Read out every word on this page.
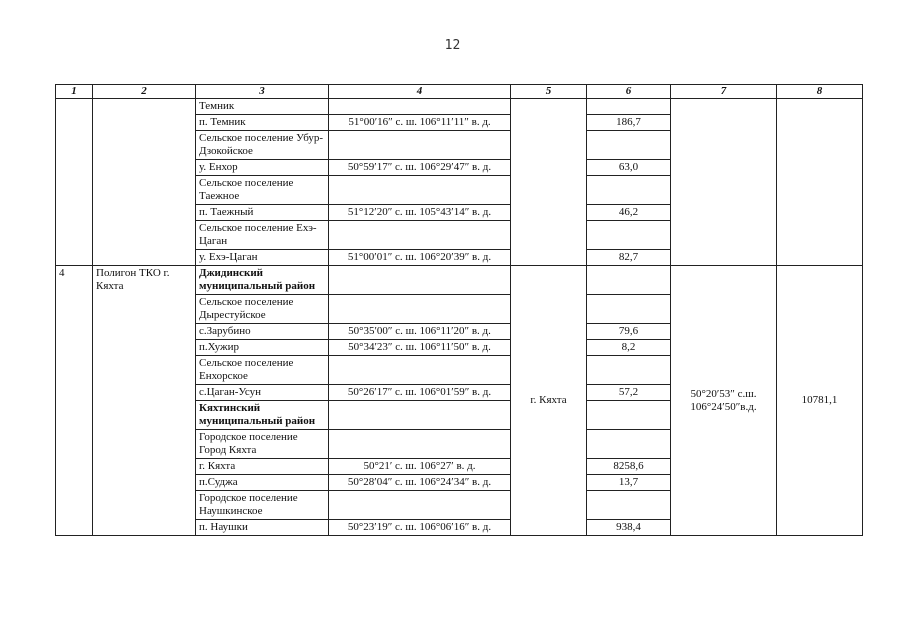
12
1	2	3	4	5	6	7	8
		Темник					
		п. Темник	51°00′16″ с. ш. 106°11′11″ в. д.		186,7		
		Сельское поселение Убур-Дзокойское					
		у. Енхор	50°59′17″ с. ш. 106°29′47″ в. д.		63,0		
		Сельское поселение Таежное					
		п. Таежный	51°12′20″ с. ш. 105°43′14″ в. д.		46,2		
		Сельское поселение Ехэ-Цаган					
		у. Ехэ-Цаган	51°00′01″ с. ш. 106°20′39″ в. д.		82,7		
4	Полигон ТКО г. Кяхта	Джидинский муниципальный район		г. Кяхта		50°20′53″ с.ш. 106°24′50″в.д.	10781,1
		Сельское поселение Дырестуйское					
		с.Зарубино	50°35′00″ с. ш. 106°11′20″ в. д.		79,6		
		п.Хужир	50°34′23″ с. ш. 106°11′50″ в. д.		8,2		
		Сельское поселение Енхорское					
		с.Цаган-Усун	50°26′17″ с. ш. 106°01′59″ в. д.		57,2		
		Кяхтинский муниципальный район					
		Городское поселение Город Кяхта					
		г. Кяхта	50°21′ с. ш. 106°27′ в. д.		8258,6		
		п.Суджа	50°28′04″ с. ш. 106°24′34″ в. д.		13,7		
		Городское поселение Наушкинское					
		п. Наушки	50°23′19″ с. ш. 106°06′16″ в. д.		938,4		
